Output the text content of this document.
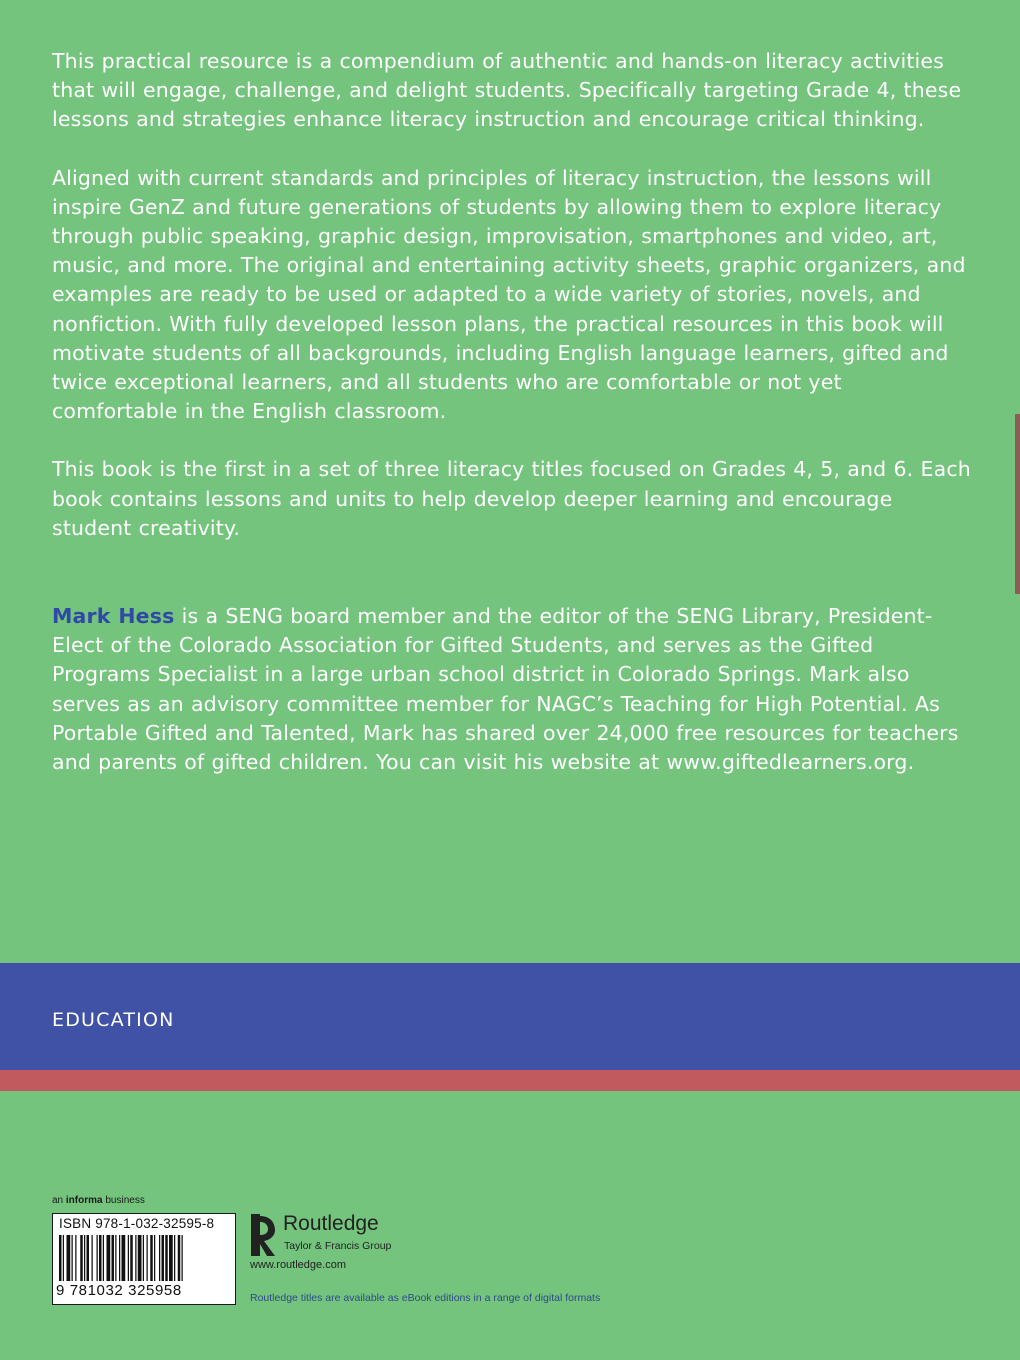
This practical resource is a compendium of authentic and hands-on literacy activities that will engage, challenge, and delight students. Specifically targeting Grade 4, these lessons and strategies enhance literacy instruction and encourage critical thinking.

Aligned with current standards and principles of literacy instruction, the lessons will inspire GenZ and future generations of students by allowing them to explore literacy through public speaking, graphic design, improvisation, smartphones and video, art, music, and more. The original and entertaining activity sheets, graphic organizers, and examples are ready to be used or adapted to a wide variety of stories, novels, and nonfiction. With fully developed lesson plans, the practical resources in this book will motivate students of all backgrounds, including English language learners, gifted and twice exceptional learners, and all students who are comfortable or not yet comfortable in the English classroom.

This book is the first in a set of three literacy titles focused on Grades 4, 5, and 6. Each book contains lessons and units to help develop deeper learning and encourage student creativity.

Mark Hess is a SENG board member and the editor of the SENG Library, President-Elect of the Colorado Association for Gifted Students, and serves as the Gifted Programs Specialist in a large urban school district in Colorado Springs. Mark also serves as an advisory committee member for NAGC’s Teaching for High Potential. As Portable Gifted and Talented, Mark has shared over 24,000 free resources for teachers and parents of gifted children. You can visit his website at www.giftedlearners.org.

EDUCATION
an informa business
ISBN 978-1-032-32595-8
9 781032 325958
Routledge
Taylor & Francis Group
www.routledge.com
Routledge titles are available as eBook editions in a range of digital formats
